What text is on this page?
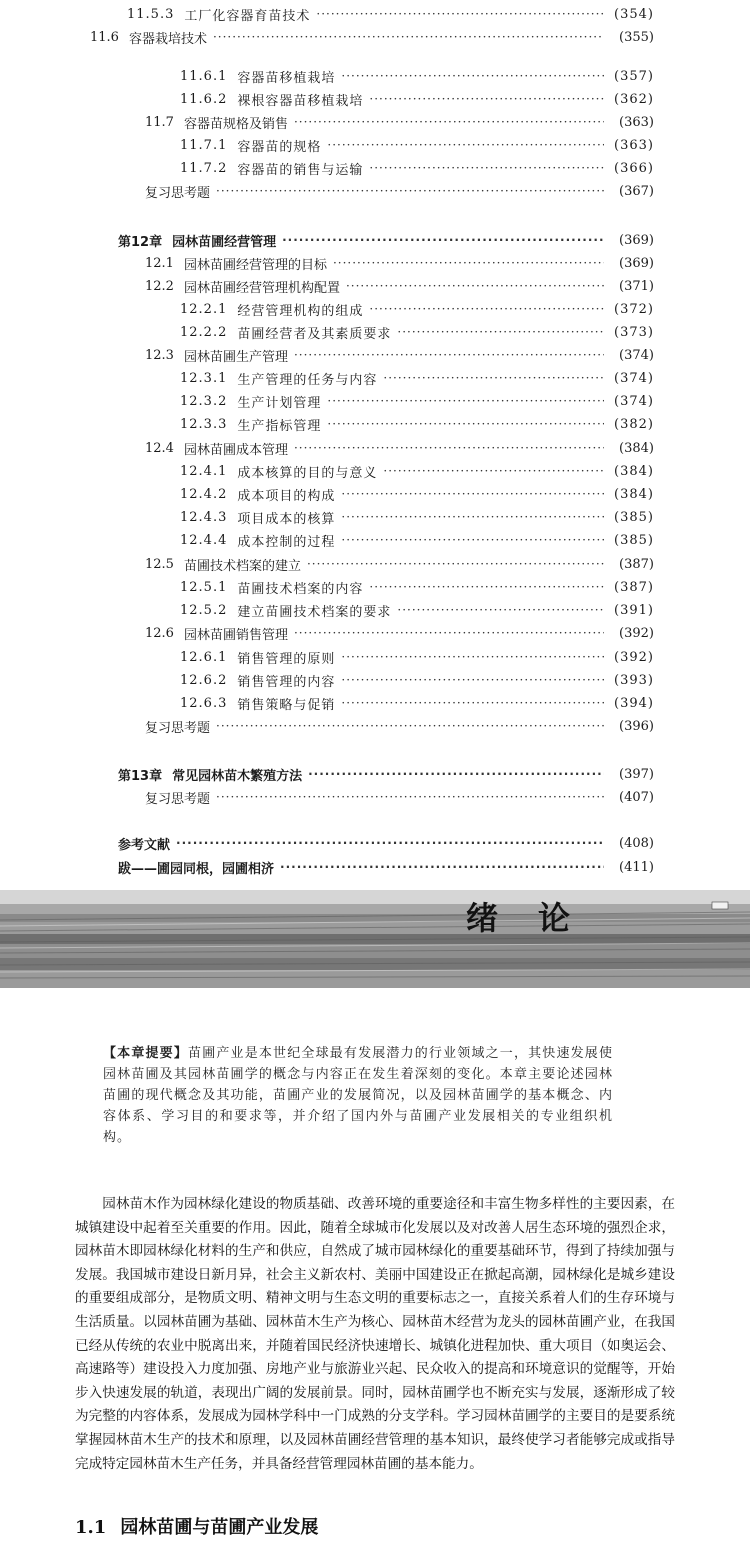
11.5.3 工厂化容器育苗技术 ·····	(354)
11.6 容器栽培技术 ·····	(355)
11.6.1 容器苗移植栽培 ·····	(357)
11.6.2 裸根容器苗移植栽培 ·····	(362)
11.7 容器苗规格及销售 ·····	(363)
11.7.1 容器苗的规格 ·····	(363)
11.7.2 容器苗的销售与运输 ·····	(366)
复习思考题 ·····	(367)
第12章 园林苗圃经营管理 ·····	(369)
12.1 园林苗圃经营管理的目标 ·····	(369)
12.2 园林苗圃经营管理机构配置 ·····	(371)
12.2.1 经营管理机构的组成 ·····	(372)
12.2.2 苗圃经营者及其素质要求 ·····	(373)
12.3 园林苗圃生产管理 ·····	(374)
12.3.1 生产管理的任务与内容 ·····	(374)
12.3.2 生产计划管理 ·····	(374)
12.3.3 生产指标管理 ·····	(382)
12.4 园林苗圃成本管理 ·····	(384)
12.4.1 成本核算的目的与意义 ·····	(384)
12.4.2 成本项目的构成 ·····	(384)
12.4.3 项目成本的核算 ·····	(385)
12.4.4 成本控制的过程 ·····	(385)
12.5 苗圃技术档案的建立 ·····	(387)
12.5.1 苗圃技术档案的内容 ·····	(387)
12.5.2 建立苗圃技术档案的要求 ·····	(391)
12.6 园林苗圃销售管理 ·····	(392)
12.6.1 销售管理的原则 ·····	(392)
12.6.2 销售管理的内容 ·····	(393)
12.6.3 销售策略与促销 ·····	(394)
复习思考题 ·····	(396)
第13章 常见园林苗木繁殖方法 ·····	(397)
复习思考题 ·····	(407)
参考文献 ·····	(408)
跋——圃园同根，园圃相济 ·····	(411)
绪论
【本章提要】苗圃产业是本世纪全球最有发展潜力的行业领域之一，其快速发展使园林苗圃及其园林苗圃学的概念与内容正在发生着深刻的变化。本章主要论述园林苗圃的现代概念及其功能，苗圃产业的发展简况，以及园林苗圃学的基本概念、内容体系、学习目的和要求等，并介绍了国内外与苗圃产业发展相关的专业组织机构。
园林苗木作为园林绿化建设的物质基础、改善环境的重要途径和丰富生物多样性的主要因素，在城镇建设中起着至关重要的作用。因此，随着全球城市化发展以及对改善人居生态环境的强烈企求，园林苗木即园林绿化材料的生产和供应，自然成了城市园林绿化的重要基础环节，得到了持续加强与发展。我国城市建设日新月异，社会主义新农村、美丽中国建设正在掀起高潮，园林绿化是城乡建设的重要组成部分，是物质文明、精神文明与生态文明的重要标志之一，直接关系着人们的生存环境与生活质量。以园林苗圃为基础、园林苗木生产为核心、园林苗木经营为龙头的园林苗圃产业，在我国已经从传统的农业中脱离出来，并随着国民经济快速增长、城镇化进程加快、重大项目（如奥运会、高速路等）建设投入力度加强、房地产业与旅游业兴起、民众收入的提高和环境意识的觉醒等，开始步入快速发展的轨道，表现出广阔的发展前景。同时，园林苗圃学也不断充实与发展，逐渐形成了较为完整的内容体系，发展成为园林学科中一门成熟的分支学科。学习园林苗圃学的主要目的是要系统掌握园林苗木生产的技术和原理，以及园林苗圃经营管理的基本知识，最终使学习者能够完成或指导完成特定园林苗木生产任务，并具备经营管理园林苗圃的基本能力。
1.1 园林苗圃与苗圃产业发展
